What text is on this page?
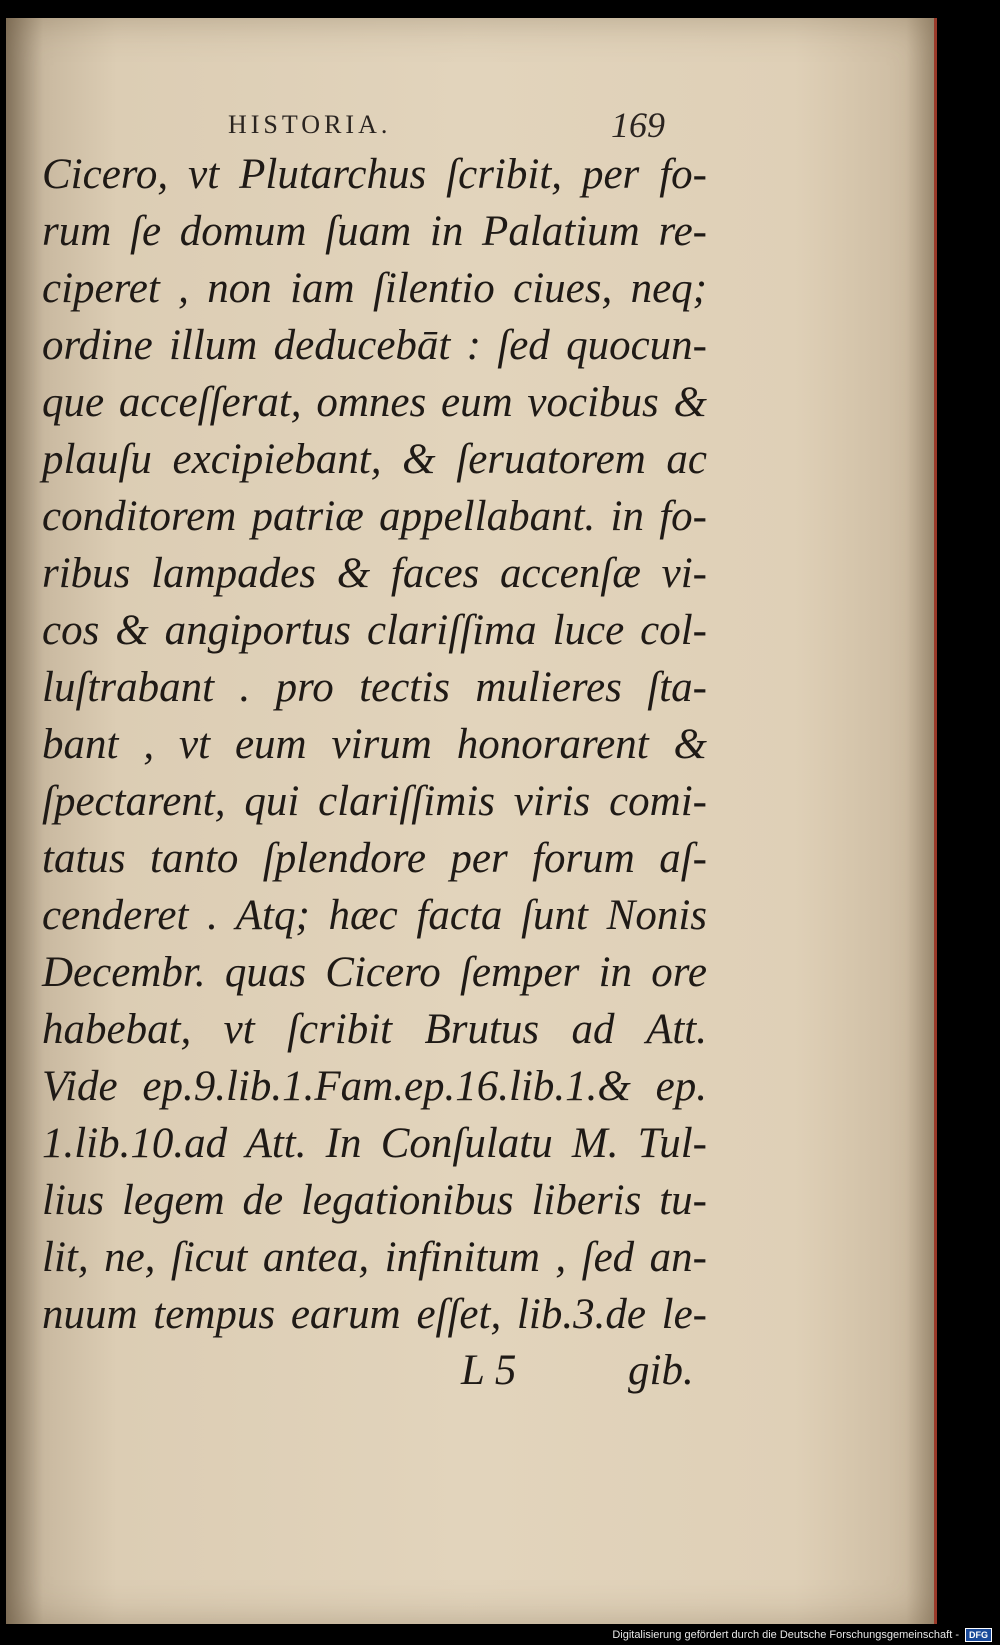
HISTORIA.	169
Cicero, vt Plutarchus ſcribit, per fo-
rum ſe domum ſuam in Palatium re-
ciperet , non iam ſilentio ciues, neq;
ordine illum deducebāt : ſed quocun-
que acceſſerat, omnes eum vocibus &
plauſu excipiebant, & ſeruatorem ac
conditorem patriæ appellabant. in fo-
ribus lampades & faces accenſæ vi-
cos & angiportus clariſſima luce col-
luſtrabant . pro tectis mulieres ſta-
bant , vt eum virum honorarent &
ſpectarent, qui clariſſimis viris comi-
tatus tanto ſplendore per forum aſ-
cenderet . Atq; hæc facta ſunt Nonis
Decembr. quas Cicero ſemper in ore
habebat, vt ſcribit Brutus ad Att.
Vide ep.9.lib.1.Fam.ep.16.lib.1.& ep.
1.lib.10.ad Att. In Conſulatu M. Tul-
lius legem de legationibus liberis tu-
lit, ne, ſicut antea, infinitum , ſed an-
nuum tempus earum eſſet, lib.3.de le-
L 5	gib.
Digitalisierung gefördert durch die Deutsche Forschungsgemeinschaft -	DFG
